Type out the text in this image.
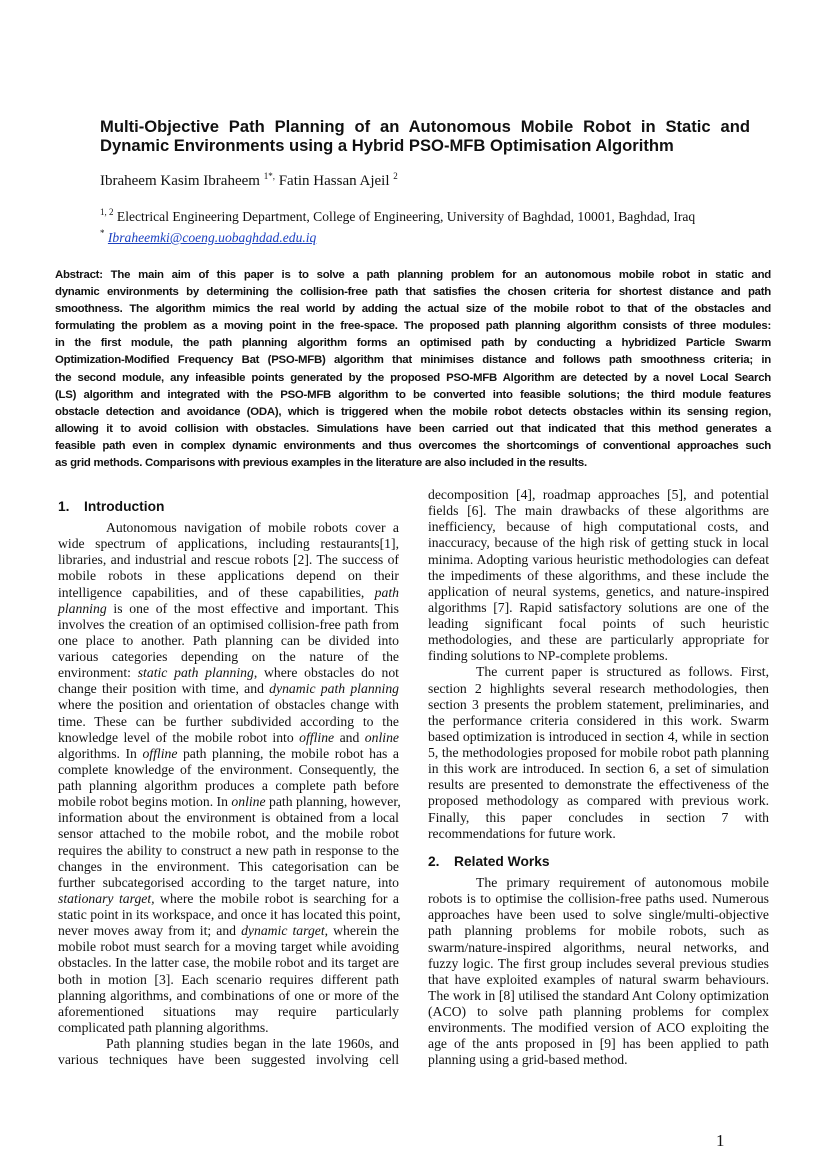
Multi-Objective Path Planning of an Autonomous Mobile Robot in Static and
Dynamic Environments using a Hybrid PSO-MFB Optimisation Algorithm
Ibraheem Kasim Ibraheem $^{1*,}$ Fatin Hassan Ajeil $^2$
$^{1, 2}$ Electrical Engineering Department, College of Engineering, University of Baghdad, 10001, Baghdad, Iraq
* Ibraheemki@coeng.uobaghdad.edu.iq
Abstract: The main aim of this paper is to solve a path planning problem for an autonomous mobile robot in static and
dynamic environments by determining the collision-free path that satisfies the chosen criteria for shortest distance and path
smoothness. The algorithm mimics the real world by adding the actual size of the mobile robot to that of the obstacles and
formulating the problem as a moving point in the free-space. The proposed path planning algorithm consists of three modules:
in the first module, the path planning algorithm forms an optimised path by conducting a hybridized Particle Swarm
Optimization-Modified Frequency Bat (PSO-MFB) algorithm that minimises distance and follows path smoothness criteria; in
the second module, any infeasible points generated by the proposed PSO-MFB Algorithm are detected by a novel Local Search
(LS) algorithm and integrated with the PSO-MFB algorithm to be converted into feasible solutions; the third module features
obstacle detection and avoidance (ODA), which is triggered when the mobile robot detects obstacles within its sensing region,
allowing it to avoid collision with obstacles. Simulations have been carried out that indicated that this method generates a
feasible path even in complex dynamic environments and thus overcomes the shortcomings of conventional approaches such
as grid methods. Comparisons with previous examples in the literature are also included in the results.
1. Introduction
Autonomous navigation of mobile robots cover a
wide spectrum of applications, including restaurants[1],
libraries, and industrial and rescue robots [2]. The success of
mobile robots in these applications depend on their
intelligence capabilities, and of these capabilities, path
planning is one of the most effective and important. This
involves the creation of an optimised collision-free path from
one place to another. Path planning can be divided into
various categories depending on the nature of the
environment: static path planning, where obstacles do not
change their position with time, and dynamic path planning
where the position and orientation of obstacles change with
time. These can be further subdivided according to the
knowledge level of the mobile robot into offline and online
algorithms. In offline path planning, the mobile robot has a
complete knowledge of the environment. Consequently, the
path planning algorithm produces a complete path before
mobile robot begins motion. In online path planning, however,
information about the environment is obtained from a local
sensor attached to the mobile robot, and the mobile robot
requires the ability to construct a new path in response to the
changes in the environment. This categorisation can be
further subcategorised according to the target nature, into
stationary target, where the mobile robot is searching for a
static point in its workspace, and once it has located this point,
never moves away from it; and dynamic target, wherein the
mobile robot must search for a moving target while avoiding
obstacles. In the latter case, the mobile robot and its target are
both in motion [3]. Each scenario requires different path
planning algorithms, and combinations of one or more of the
aforementioned situations may require particularly
complicated path planning algorithms.
Path planning studies began in the late 1960s, and
various techniques have been suggested involving cell
decomposition [4], roadmap approaches [5], and potential
fields [6]. The main drawbacks of these algorithms are
inefficiency, because of high computational costs, and
inaccuracy, because of the high risk of getting stuck in local
minima. Adopting various heuristic methodologies can defeat
the impediments of these algorithms, and these include the
application of neural systems, genetics, and nature-inspired
algorithms [7]. Rapid satisfactory solutions are one of the
leading significant focal points of such heuristic
methodologies, and these are particularly appropriate for
finding solutions to NP-complete problems.
The current paper is structured as follows. First,
section 2 highlights several research methodologies, then
section 3 presents the problem statement, preliminaries, and
the performance criteria considered in this work. Swarm
based optimization is introduced in section 4, while in section
5, the methodologies proposed for mobile robot path planning
in this work are introduced. In section 6, a set of simulation
results are presented to demonstrate the effectiveness of the
proposed methodology as compared with previous work.
Finally, this paper concludes in section 7 with
recommendations for future work.
2. Related Works
The primary requirement of autonomous mobile
robots is to optimise the collision-free paths used. Numerous
approaches have been used to solve single/multi-objective
path planning problems for mobile robots, such as
swarm/nature-inspired algorithms, neural networks, and
fuzzy logic. The first group includes several previous studies
that have exploited examples of natural swarm behaviours.
The work in [8] utilised the standard Ant Colony optimization
(ACO) to solve path planning problems for complex
environments. The modified version of ACO exploiting the
age of the ants proposed in [9] has been applied to path
planning using a grid-based method.
1
